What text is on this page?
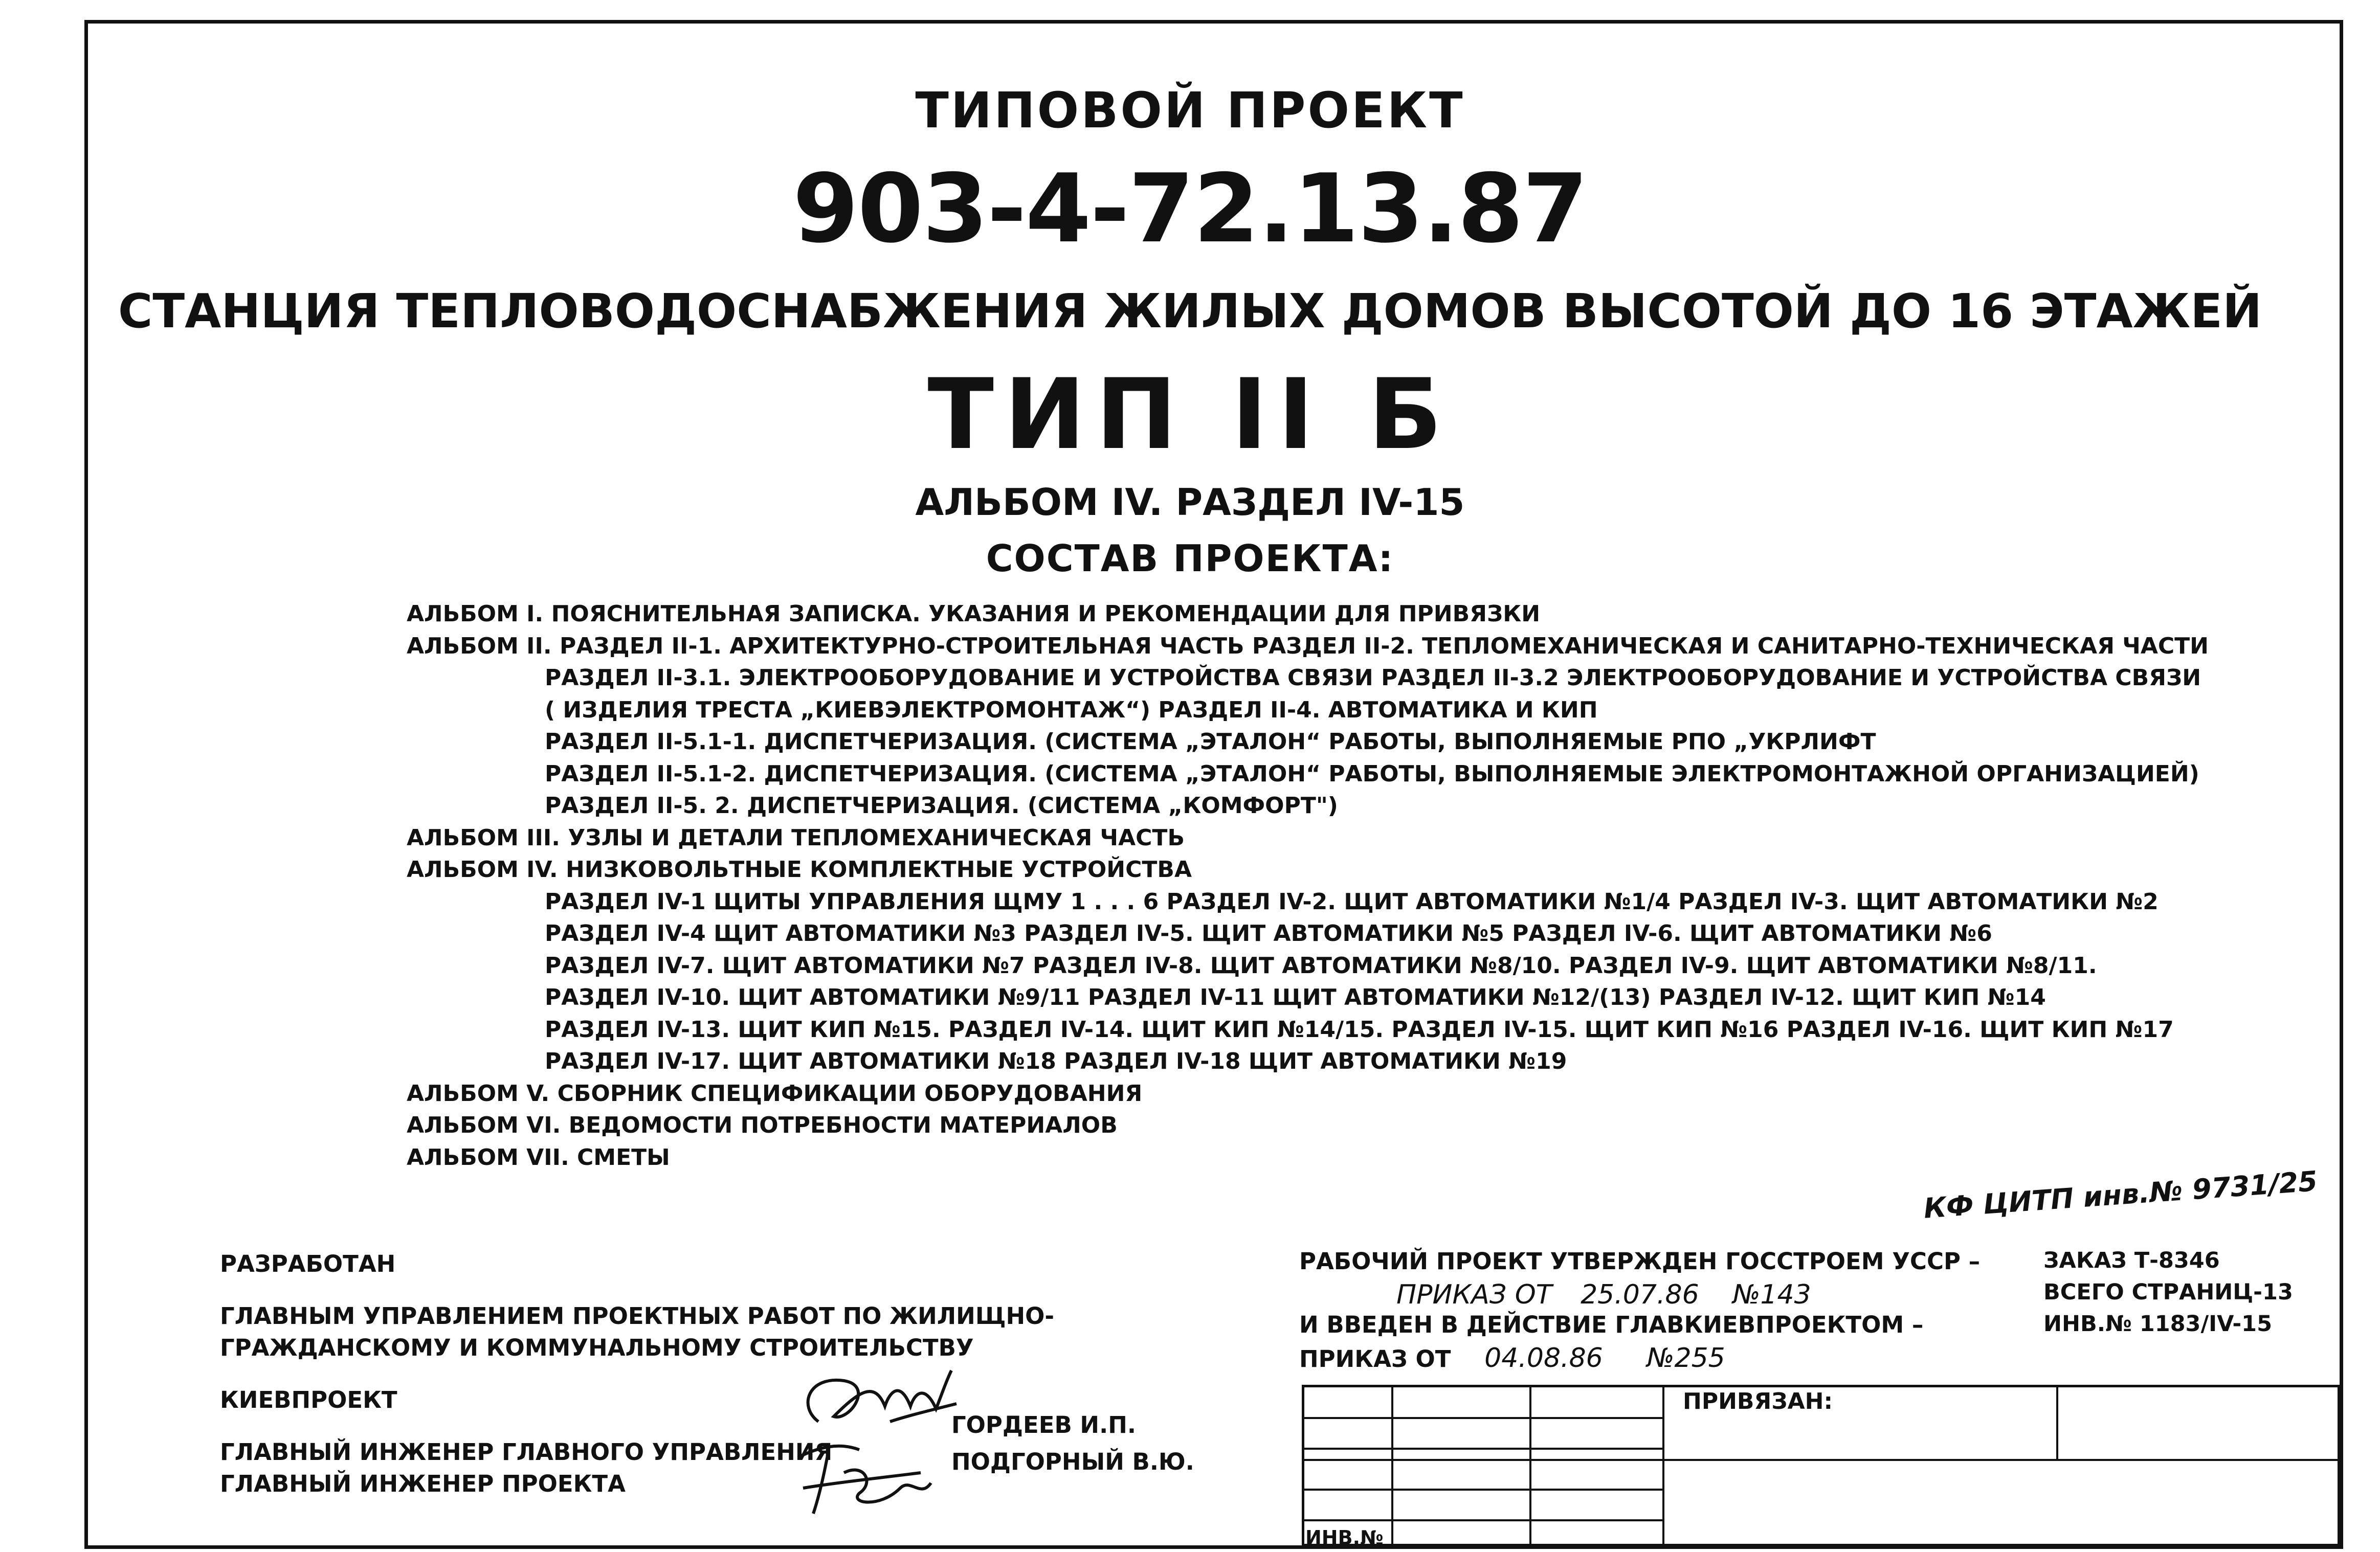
ТИПОВОЙ ПРОЕКТ
903-4-72.13.87
СТАНЦИЯ ТЕПЛОВОДОСНАБЖЕНИЯ ЖИЛЫХ ДОМОВ ВЫСОТОЙ ДО 16 ЭТАЖЕЙ
ТИП II Б
АЛЬБОМ IV. РАЗДЕЛ IV-15
СОСТАВ ПРОЕКТА:
АЛЬБОМ I. ПОЯСНИТЕЛЬНАЯ ЗАПИСКА. УКАЗАНИЯ И РЕКОМЕНДАЦИИ ДЛЯ ПРИВЯЗКИ
АЛЬБОМ II. РАЗДЕЛ II-1. АРХИТЕКТУРНО-СТРОИТЕЛЬНАЯ ЧАСТЬ РАЗДЕЛ II-2. ТЕПЛОМЕХАНИЧЕСКАЯ И САНИТАРНО-ТЕХНИЧЕСКАЯ ЧАСТИ
РАЗДЕЛ II-3.1. ЭЛЕКТРООБОРУДОВАНИЕ И УСТРОЙСТВА СВЯЗИ РАЗДЕЛ II-3.2 ЭЛЕКТРООБОРУДОВАНИЕ И УСТРОЙСТВА СВЯЗИ
( ИЗДЕЛИЯ ТРЕСТА „КИЕВЭЛЕКТРОМОНТАЖ“) РАЗДЕЛ II-4. АВТОМАТИКА И КИП
РАЗДЕЛ II-5.1-1. ДИСПЕТЧЕРИЗАЦИЯ. (СИСТЕМА „ЭТАЛОН“ РАБОТЫ, ВЫПОЛНЯЕМЫЕ РПО „УКРЛИФТ
РАЗДЕЛ II-5.1-2. ДИСПЕТЧЕРИЗАЦИЯ. (СИСТЕМА „ЭТАЛОН“ РАБОТЫ, ВЫПОЛНЯЕМЫЕ ЭЛЕКТРОМОНТАЖНОЙ ОРГАНИЗАЦИЕЙ)
РАЗДЕЛ II-5. 2. ДИСПЕТЧЕРИЗАЦИЯ. (СИСТЕМА „КОМФОРТ")
АЛЬБОМ III. УЗЛЫ И ДЕТАЛИ ТЕПЛОМЕХАНИЧЕСКАЯ ЧАСТЬ
АЛЬБОМ IV. НИЗКОВОЛЬТНЫЕ КОМПЛЕКТНЫЕ УСТРОЙСТВА
РАЗДЕЛ IV-1 ЩИТЫ УПРАВЛЕНИЯ ЩМУ 1 . . . 6 РАЗДЕЛ IV-2. ЩИТ АВТОМАТИКИ №1/4 РАЗДЕЛ IV-3. ЩИТ АВТОМАТИКИ №2
РАЗДЕЛ IV-4 ЩИТ АВТОМАТИКИ №3 РАЗДЕЛ IV-5. ЩИТ АВТОМАТИКИ №5 РАЗДЕЛ IV-6. ЩИТ АВТОМАТИКИ №6
РАЗДЕЛ IV-7. ЩИТ АВТОМАТИКИ №7 РАЗДЕЛ IV-8. ЩИТ АВТОМАТИКИ №8/10. РАЗДЕЛ IV-9. ЩИТ АВТОМАТИКИ №8/11.
РАЗДЕЛ IV-10. ЩИТ АВТОМАТИКИ №9/11 РАЗДЕЛ IV-11 ЩИТ АВТОМАТИКИ №12/(13) РАЗДЕЛ IV-12. ЩИТ КИП №14
РАЗДЕЛ IV-13. ЩИТ КИП №15. РАЗДЕЛ IV-14. ЩИТ КИП №14/15. РАЗДЕЛ IV-15. ЩИТ КИП №16 РАЗДЕЛ IV-16. ЩИТ КИП №17
РАЗДЕЛ IV-17. ЩИТ АВТОМАТИКИ №18 РАЗДЕЛ IV-18 ЩИТ АВТОМАТИКИ №19
АЛЬБОМ V. СБОРНИК СПЕЦИФИКАЦИИ ОБОРУДОВАНИЯ
АЛЬБОМ VI. ВЕДОМОСТИ ПОТРЕБНОСТИ МАТЕРИАЛОВ
АЛЬБОМ VII. СМЕТЫ
КФ ЦИТП инв.№ 9731/25
РАЗРАБОТАН
ГЛАВНЫМ УПРАВЛЕНИЕМ ПРОЕКТНЫХ РАБОТ ПО ЖИЛИЩНО-
ГРАЖДАНСКОМУ И КОММУНАЛЬНОМУ СТРОИТЕЛЬСТВУ
КИЕВПРОЕКТ
ГЛАВНЫЙ ИНЖЕНЕР ГЛАВНОГО УПРАВЛЕНИЯ
ГЛАВНЫЙ ИНЖЕНЕР ПРОЕКТА
ГОРДЕЕВ И.П.
ПОДГОРНЫЙ В.Ю.
РАБОЧИЙ ПРОЕКТ УТВЕРЖДЕН ГОССТРОЕМ УССР –
ПРИКАЗ ОТ 25.07.86 №143
И ВВЕДЕН В ДЕЙСТВИЕ ГЛАВКИЕВПРОЕКТОМ –
ПРИКАЗ ОТ 04.08.86 №255
ЗАКАЗ Т-8346
ВСЕГО СТРАНИЦ-13
ИНВ.№ 1183/IV-15
ПРИВЯЗАН:
ИНВ.№
